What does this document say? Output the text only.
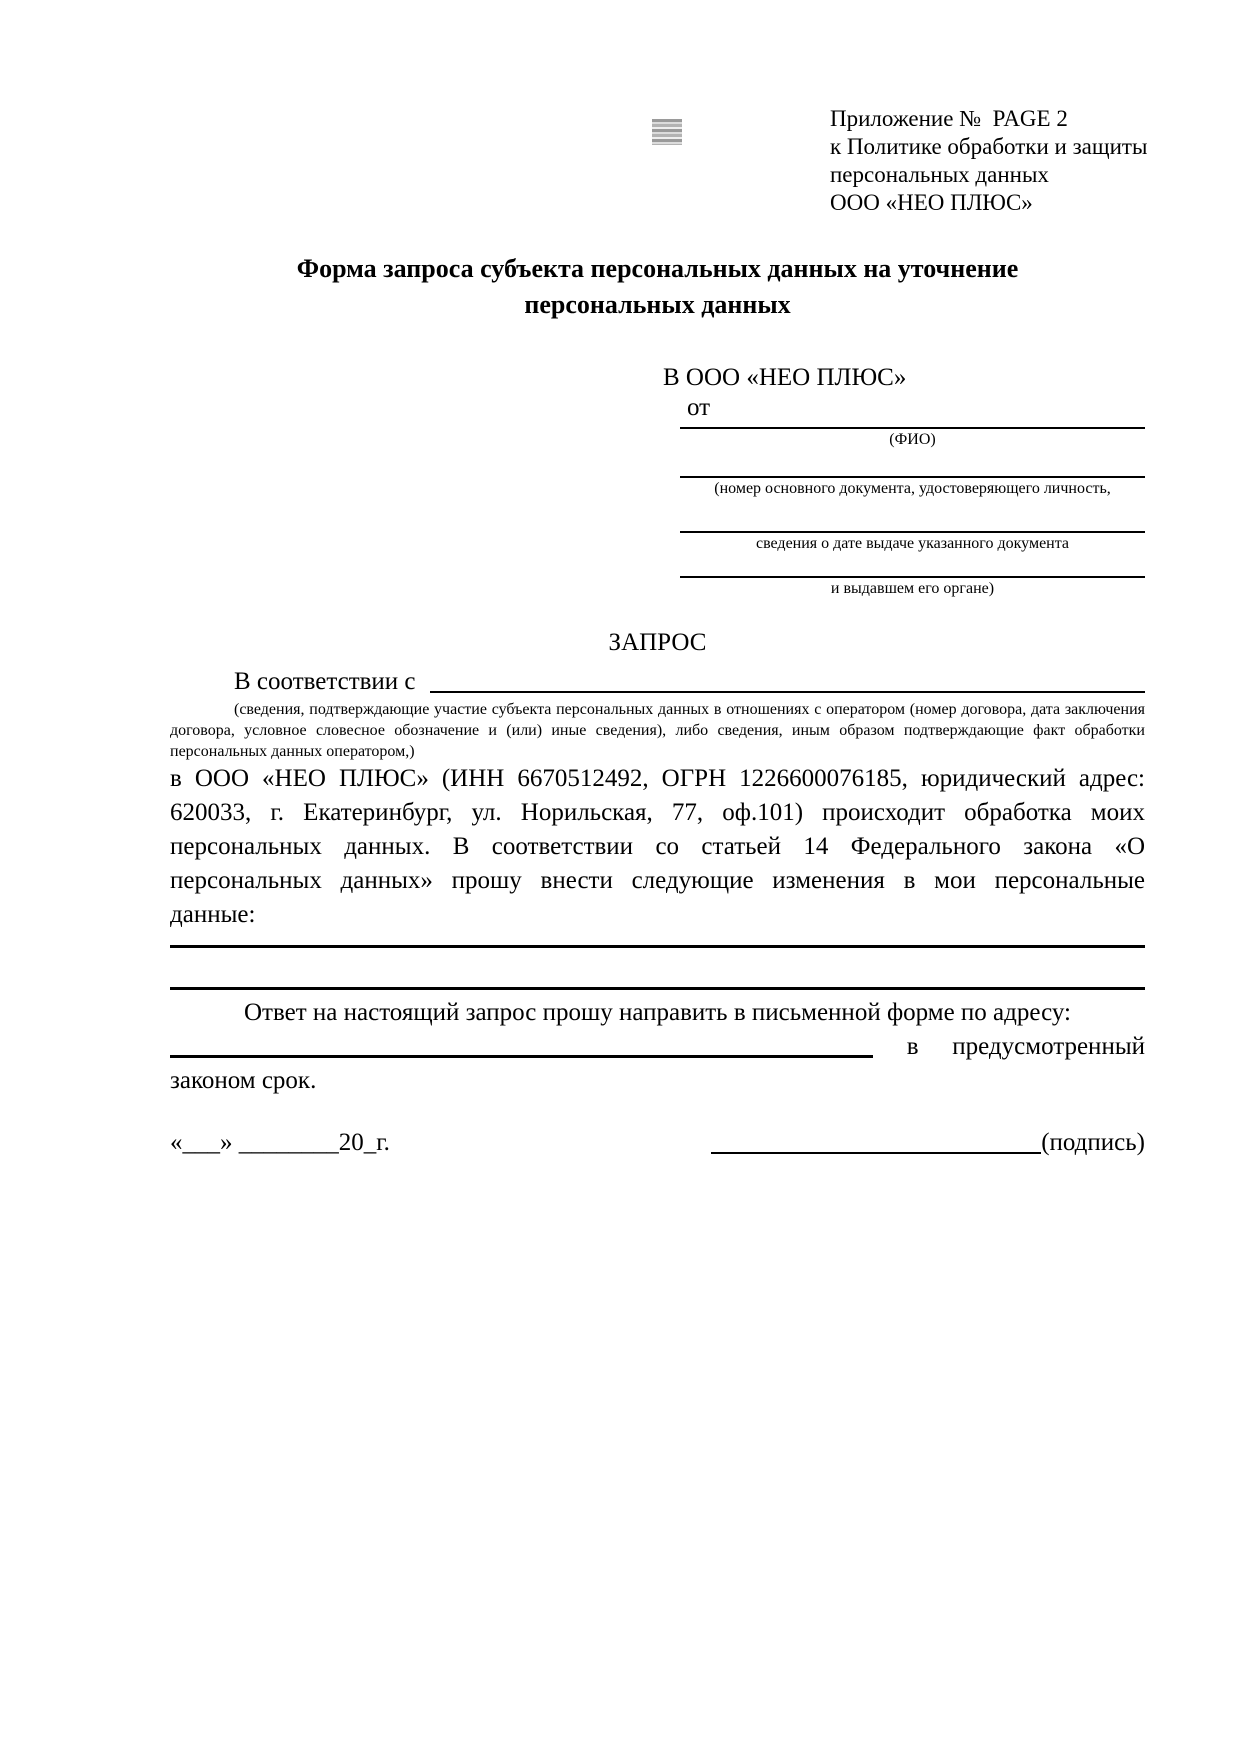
Приложение №  PAGE 2
к Политике обработки и защиты
персональных данных
ООО «НЕО ПЛЮС»
Форма запроса субъекта персональных данных на уточнение персональных данных
В ООО «НЕО ПЛЮС»
от
(ФИО)
(номер основного документа, удостоверяющего личность,
сведения о дате выдаче указанного документа
и выдавшем его органе)
ЗАПРОС
В соответствии с
(сведения, подтверждающие участие субъекта персональных данных в отношениях с оператором (номер договора, дата заключения договора, условное словесное обозначение и (или) иные сведения), либо сведения, иным образом подтверждающие факт обработки персональных данных оператором,)
в ООО «НЕО ПЛЮС» (ИНН 6670512492, ОГРН 1226600076185, юридический адрес: 620033, г. Екатеринбург, ул. Норильская, 77, оф.101) происходит обработка моих персональных данных. В соответствии со статьей 14 Федерального закона «О персональных данных» прошу внести следующие изменения в мои персональные данные:
Ответ на настоящий запрос прошу направить в письменной форме по адресу:
в предусмотренный
законом срок.
«___» ________20_г.	(подпись)
